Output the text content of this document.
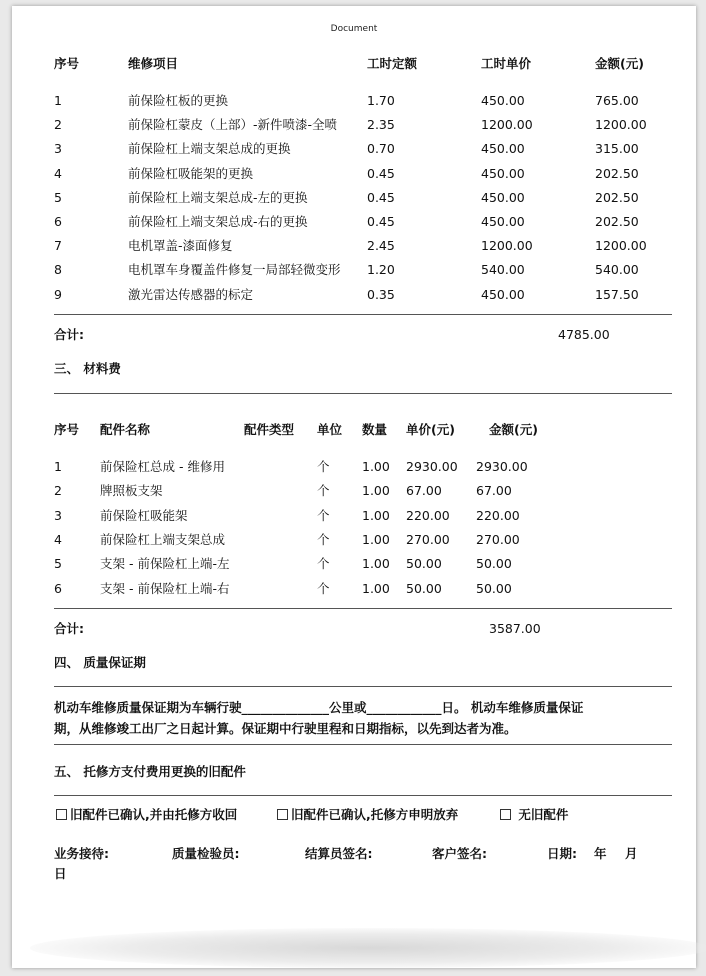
Document
序号	维修项目	工时定额	工时单价	金额(元)
1	前保险杠板的更换	1.70	450.00	765.00
2	前保险杠蒙皮（上部）-新件喷漆-全喷 2.35	1200.00	1200.00
3	前保险杠上端支架总成的更换	0.70	450.00	315.00
4	前保险杠吸能架的更换	0.45	450.00	202.50
5	前保险杠上端支架总成-左的更换	0.45	450.00	202.50
6	前保险杠上端支架总成-右的更换	0.45	450.00	202.50
7	电机罩盖-漆面修复	2.45	1200.00	1200.00
8	电机罩车身覆盖件修复一局部轻微变形 1.20	540.00	540.00
9	激光雷达传感器的标定	0.35	450.00	157.50
合计:	4785.00
三、 材料费
序号 配件名称	配件类型 单位 数量 单价(元)	金额(元)
1	前保险杠总成 - 维修用	个	1.00 2930.00 2930.00
2	牌照板支架	个	1.00 67.00	67.00
3	前保险杠吸能架	个	1.00 220.00 220.00
4	前保险杠上端支架总成	个	1.00 270.00 270.00
5	支架 - 前保险杠上端-左	个	1.00 50.00	50.00
6	支架 - 前保险杠上端-右	个	1.00 50.00	50.00
合计:	3587.00
四、 质量保证期
机动车维修质量保证期为车辆行驶______________公里或____________日。 机动车维修质量保证
期，从维修竣工出厂之日起计算。保证期中行驶里程和日期指标，以先到达者为准。
五、 托修方支付费用更换的旧配件
旧配件已确认,并由托修方收回	旧配件已确认,托修方申明放弃	无旧配件
业务接待:	质量检验员:	结算员签名:	客户签名:	日期: 年 月
日
